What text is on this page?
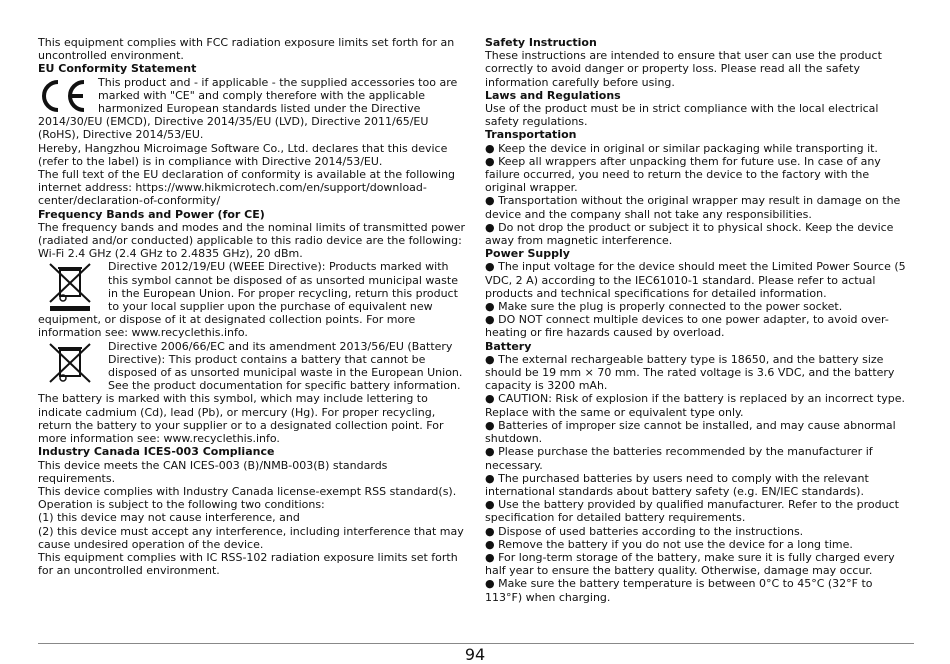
This equipment complies with FCC radiation exposure limits set forth for an uncontrolled environment.

EU Conformity Statement

This product and - if applicable - the supplied accessories too are marked with "CE" and comply therefore with the applicable harmonized European standards listed under the Directive 2014/30/EU (EMCD), Directive 2014/35/EU (LVD), Directive 2011/65/EU (RoHS), Directive 2014/53/EU.

Hereby, Hangzhou Microimage Software Co., Ltd. declares that this device (refer to the label) is in compliance with Directive 2014/53/EU.

The full text of the EU declaration of conformity is available at the following internet address: https://www.hikmicrotech.com/en/support/download-center/declaration-of-conformity/

Frequency Bands and Power (for CE)

The frequency bands and modes and the nominal limits of transmitted power (radiated and/or conducted) applicable to this radio device are the following: Wi-Fi 2.4 GHz (2.4 GHz to 2.4835 GHz), 20 dBm.

Directive 2012/19/EU (WEEE Directive): Products marked with this symbol cannot be disposed of as unsorted municipal waste in the European Union. For proper recycling, return this product to your local supplier upon the purchase of equivalent new equipment, or dispose of it at designated collection points. For more information see: www.recyclethis.info.

Directive 2006/66/EC and its amendment 2013/56/EU (Battery Directive): This product contains a battery that cannot be disposed of as unsorted municipal waste in the European Union. See the product documentation for specific battery information. The battery is marked with this symbol, which may include lettering to indicate cadmium (Cd), lead (Pb), or mercury (Hg). For proper recycling, return the battery to your supplier or to a designated collection point. For more information see: www.recyclethis.info.

Industry Canada ICES-003 Compliance

This device meets the CAN ICES-003 (B)/NMB-003(B) standards requirements.

This device complies with Industry Canada license-exempt RSS standard(s). Operation is subject to the following two conditions:

(1) this device may not cause interference, and

(2) this device must accept any interference, including interference that may cause undesired operation of the device.

This equipment complies with IC RSS-102 radiation exposure limits set forth for an uncontrolled environment.

Safety Instruction

These instructions are intended to ensure that user can use the product correctly to avoid danger or property loss. Please read all the safety information carefully before using.

Laws and Regulations

Use of the product must be in strict compliance with the local electrical safety regulations.

Transportation

● Keep the device in original or similar packaging while transporting it.

● Keep all wrappers after unpacking them for future use. In case of any failure occurred, you need to return the device to the factory with the original wrapper.

● Transportation without the original wrapper may result in damage on the device and the company shall not take any responsibilities.

● Do not drop the product or subject it to physical shock. Keep the device away from magnetic interference.

Power Supply

● The input voltage for the device should meet the Limited Power Source (5 VDC, 2 A) according to the IEC61010-1 standard. Please refer to actual products and technical specifications for detailed information.

● Make sure the plug is properly connected to the power socket.

● DO NOT connect multiple devices to one power adapter, to avoid over-heating or fire hazards caused by overload.

Battery

● The external rechargeable battery type is 18650, and the battery size should be 19 mm × 70 mm. The rated voltage is 3.6 VDC, and the battery capacity is 3200 mAh.

● CAUTION: Risk of explosion if the battery is replaced by an incorrect type. Replace with the same or equivalent type only.

● Batteries of improper size cannot be installed, and may cause abnormal shutdown.

● Please purchase the batteries recommended by the manufacturer if necessary.

● The purchased batteries by users need to comply with the relevant international standards about battery safety (e.g. EN/IEC standards).

● Use the battery provided by qualified manufacturer. Refer to the product specification for detailed battery requirements.

● Dispose of used batteries according to the instructions.

● Remove the battery if you do not use the device for a long time.

● For long-term storage of the battery, make sure it is fully charged every half year to ensure the battery quality. Otherwise, damage may occur.

● Make sure the battery temperature is between 0°C to 45°C (32°F to 113°F) when charging.

94
